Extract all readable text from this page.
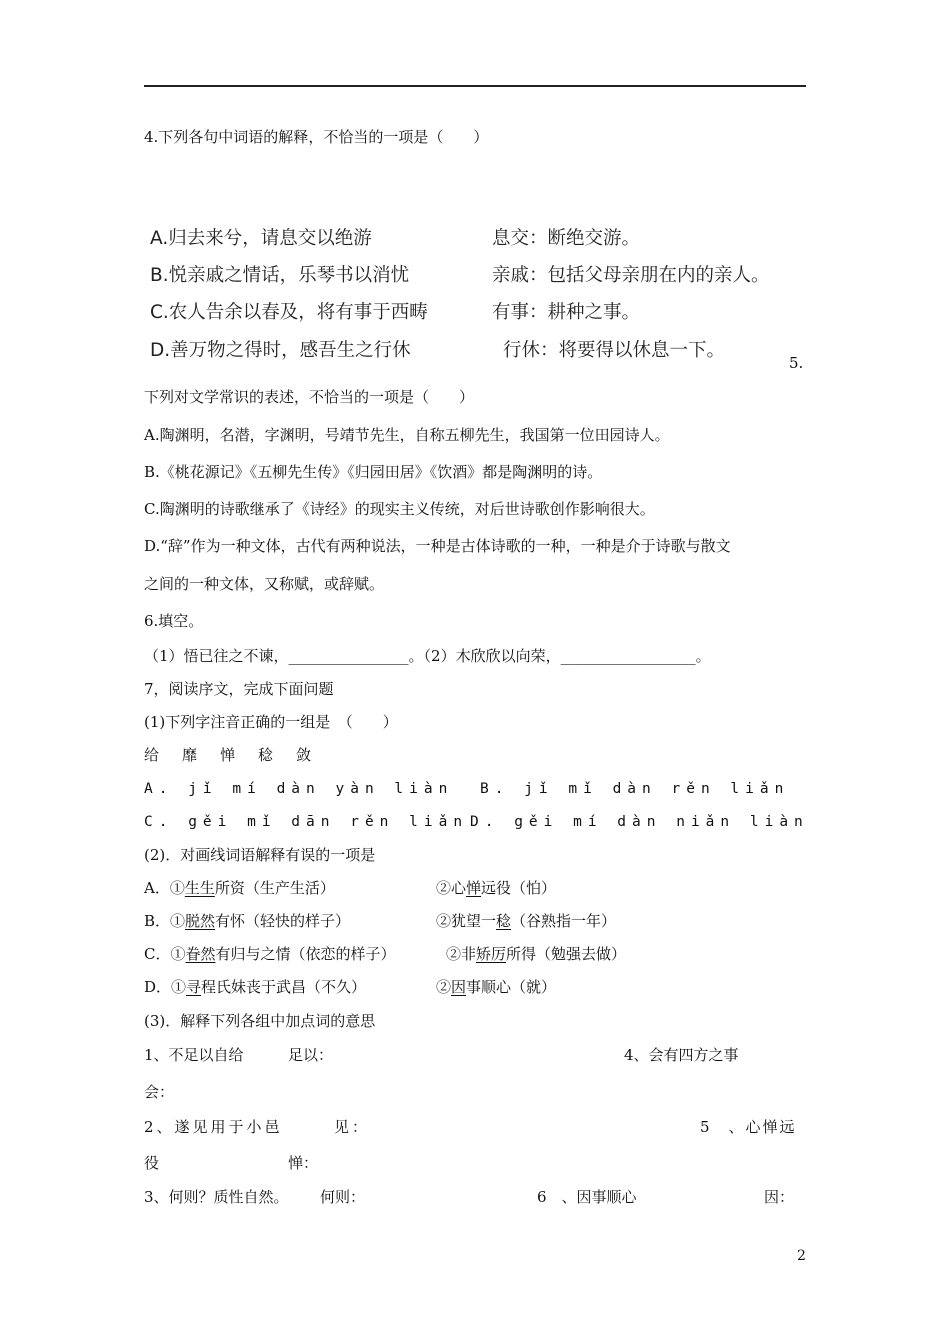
4.下列各句中词语的解释，不恰当的一项是（　　）
A.归去来兮，请息交以绝游	息交：断绝交游。
B.悦亲戚之情话，乐琴书以消忧	亲戚：包括父母亲朋在内的亲人。
C.农人告余以春及，将有事于西畴	有事：耕种之事。
D.善万物之得时，感吾生之行休	行休：将要得以休息一下。
5.
下列对文学常识的表述，不恰当的一项是（　　）
A.陶渊明，名潜，字渊明，号靖节先生，自称五柳先生，我国第一位田园诗人。
B.《桃花源记》《五柳先生传》《归园田居》《饮酒》都是陶渊明的诗。
C.陶渊明的诗歌继承了《诗经》的现实主义传统，对后世诗歌创作影响很大。
D.“辞”作为一种文体，古代有两种说法，一种是古体诗歌的一种，一种是介于诗歌与散文
之间的一种文体，又称赋，或辞赋。
6.填空。
（1）悟已往之不谏，________________。（2）木欣欣以向荣，__________________。
7，阅读序文，完成下面问题
(1)下列字注音正确的一组是　（　　）
给　靡　惮　稔　敛
A. jǐ mí dàn yàn liàn B. jǐ mǐ dàn rěn liǎn
C. gěi mǐ dān rěn liǎn D. gěi mí dàn niǎn liàn
(2)．对画线词语解释有误的一项是
A．①生生所资（生产生活）	②心惮远役（怕）
B．①脱然有怀（轻快的样子）	②犹望一稔（谷熟指一年）
C．①眷然有归与之情（依恋的样子）	②非矫厉所得（勉强去做）
D．①寻程氏妹丧于武昌（不久）	②因事顺心（就）
(3)．解释下列各组中加点词的意思
1、不足以自给	足以：	4、会有四方之事
会：
2、遂见用于小邑	见：	5　、心惮远
役	惮：
3、何则？质性自然。 何则：	6　、因事顺心	因：
2
